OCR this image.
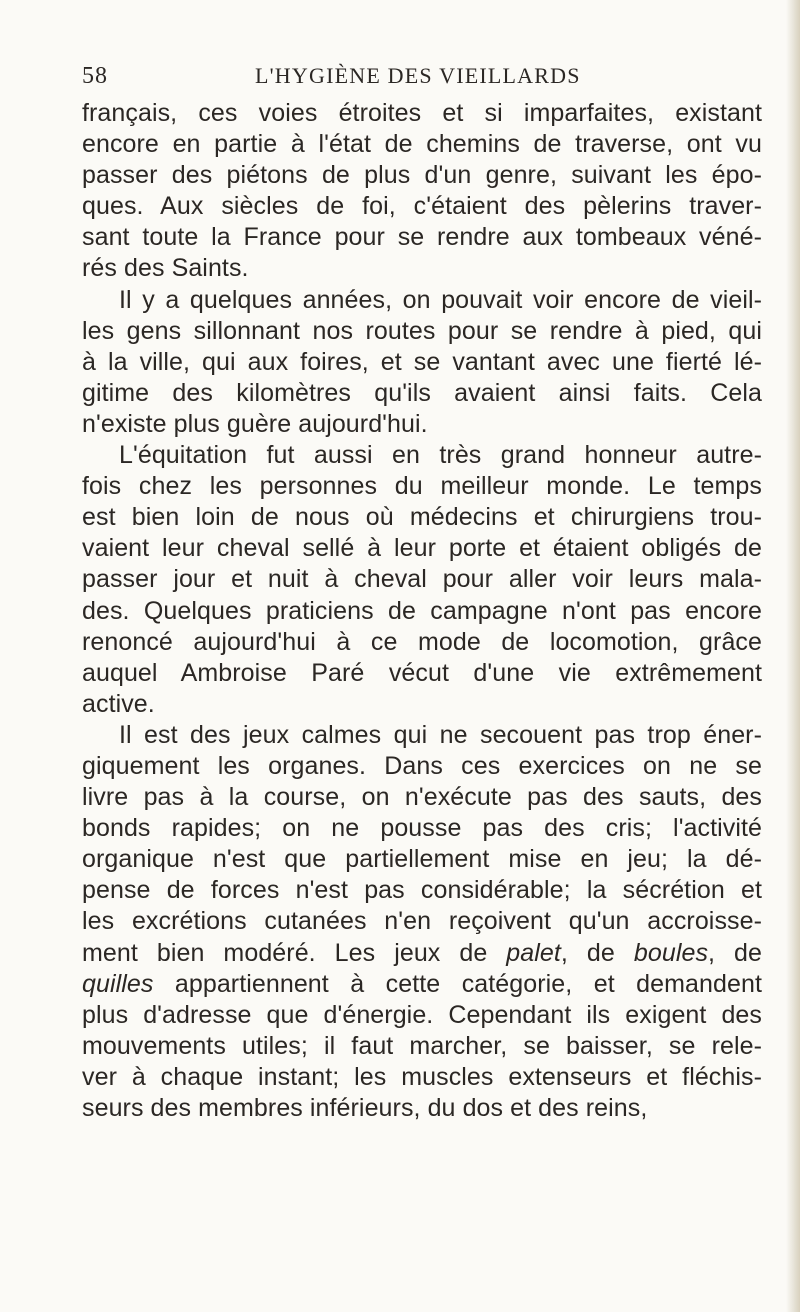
58	L'HYGIÈNE DES VIEILLARDS
français, ces voies étroites et si imparfaites, existant
encore en partie à l'état de chemins de traverse, ont vu
passer des piétons de plus d'un genre, suivant les épo-
ques. Aux siècles de foi, c'étaient des pèlerins traver-
sant toute la France pour se rendre aux tombeaux véné-
rés des Saints.
Il y a quelques années, on pouvait voir encore de vieil-
les gens sillonnant nos routes pour se rendre à pied, qui
à la ville, qui aux foires, et se vantant avec une fierté lé-
gitime des kilomètres qu'ils avaient ainsi faits. Cela
n'existe plus guère aujourd'hui.
L'équitation fut aussi en très grand honneur autre-
fois chez les personnes du meilleur monde. Le temps
est bien loin de nous où médecins et chirurgiens trou-
vaient leur cheval sellé à leur porte et étaient obligés de
passer jour et nuit à cheval pour aller voir leurs mala-
des. Quelques praticiens de campagne n'ont pas encore
renoncé aujourd'hui à ce mode de locomotion, grâce
auquel Ambroise Paré vécut d'une vie extrêmement
active.
Il est des jeux calmes qui ne secouent pas trop éner-
giquement les organes. Dans ces exercices on ne se
livre pas à la course, on n'exécute pas des sauts, des
bonds rapides; on ne pousse pas des cris; l'activité
organique n'est que partiellement mise en jeu; la dé-
pense de forces n'est pas considérable; la sécrétion et
les excrétions cutanées n'en reçoivent qu'un accroisse-
ment bien modéré. Les jeux de palet, de boules, de
quilles appartiennent à cette catégorie, et demandent
plus d'adresse que d'énergie. Cependant ils exigent des
mouvements utiles; il faut marcher, se baisser, se rele-
ver à chaque instant; les muscles extenseurs et fléchis-
seurs des membres inférieurs, du dos et des reins,
